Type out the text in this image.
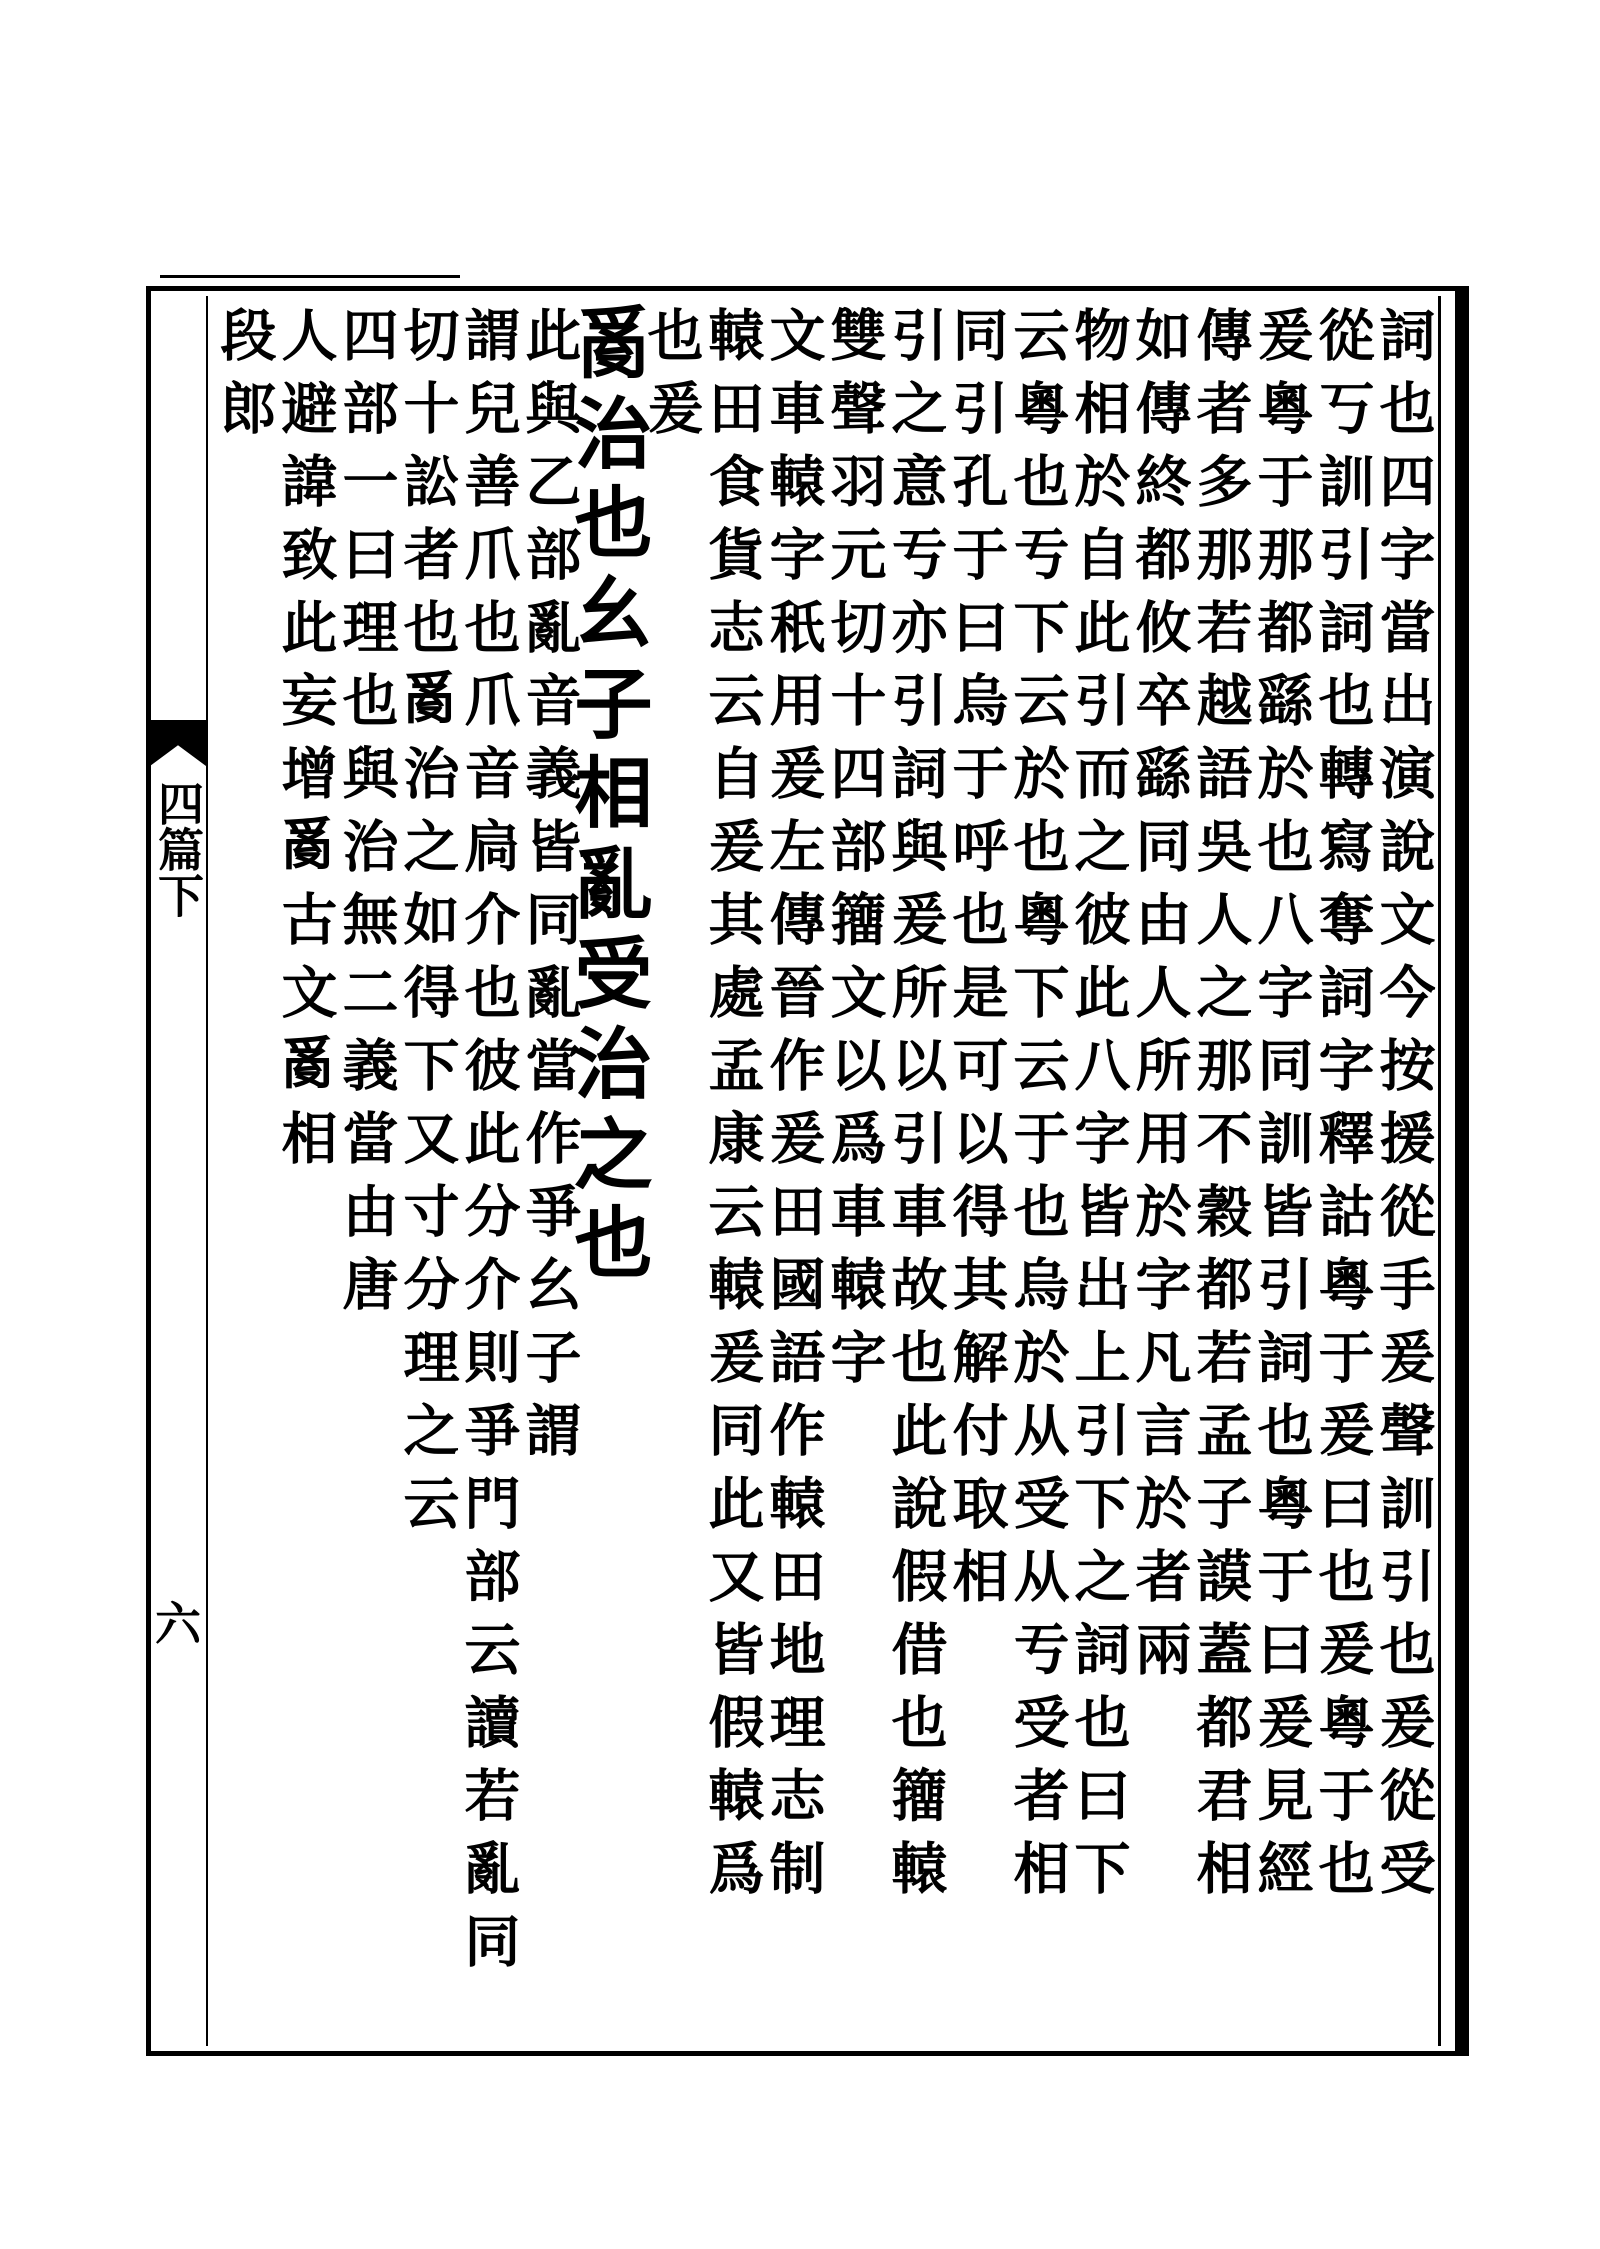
四篇下
六	詞也四字當出演說文今按援從手爰聲訓引也爰從受
從丂訓引詞也轉寫奪詞字釋詁粵于爰曰也爰粵于也
爰粵于那都繇於也八字同訓皆引詞也粵于曰爰見經
傳者多那若越語吳人之那不穀都若孟子謨蓋都君相
如傳終都攸卒繇同由人所用於字凡言於者兩
物相於自此引而之彼此八字皆出上引下之詞也曰下
云粵也亐下云於也粵下云于也烏於从受从亐受者相
同引孔于曰烏于呼也是可以得其解付取相
引之意亐亦引詞與爰所以引車故也此說假借也籒轅
雙聲羽元切十四部籒文以爲車轅字
文車轅字秖用爰左傳晉作爰田國語作轅田地理志制
轅田食貨志云自爰其處孟康云轅爰同此又皆假轅爲
也爰
𤔔治也幺子相亂受治之也
此與乙部亂音義皆同亂當作爭幺子謂
謂兒善爪也爪音扃介也彼此分介則爭門部云讀若亂同
切十訟者也𤔔治之如得下又寸分理之云
四部一曰理也與治無二義當由唐
人避諱致此妄增𤔔古文𤔔相
段郎
